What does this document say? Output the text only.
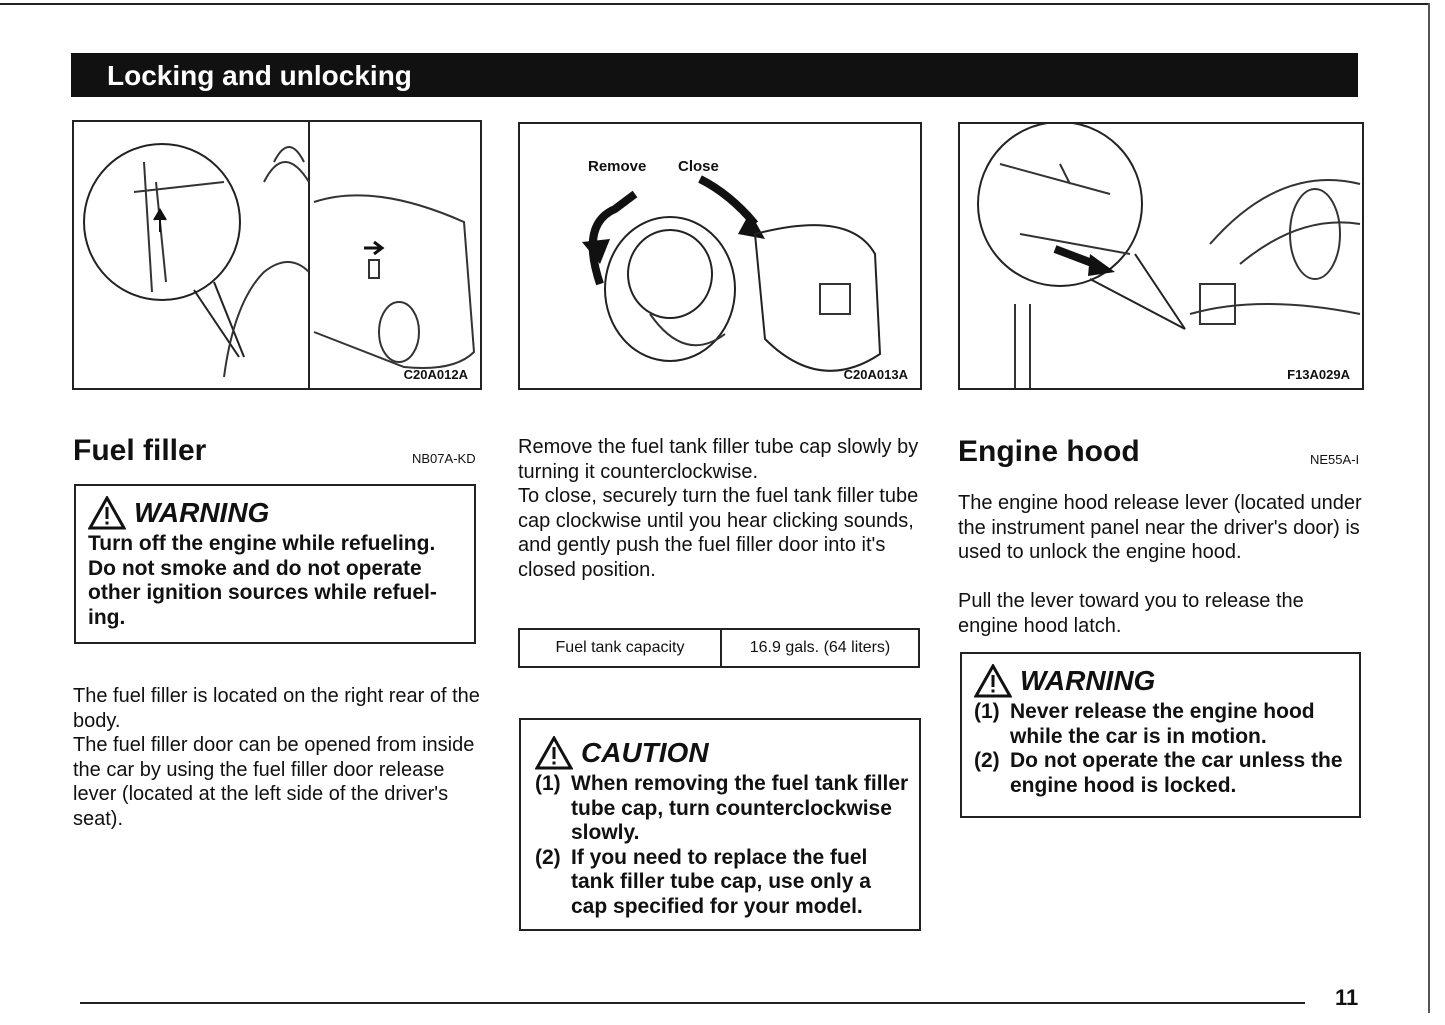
Locking and unlocking
C20A012A
Remove Close
C20A013A	F13A029A
Fuel filler	NB07A-KD
WARNING
Turn off the engine while refueling. Do not smoke and do not operate other ignition sources while refueling.
The fuel filler is located on the right rear of the body.
The fuel filler door can be opened from inside the car by using the fuel filler door release lever (located at the left side of the driver's seat).
Remove the fuel tank filler tube cap slowly by turning it counterclockwise.
To close, securely turn the fuel tank filler tube cap clockwise until you hear clicking sounds, and gently push the fuel filler door into it's closed position.
Fuel tank capacity	16.9 gals. (64 liters)
CAUTION
(1) When removing the fuel tank filler tube cap, turn counterclockwise slowly.
(2) If you need to replace the fuel tank filler tube cap, use only a cap specified for your model.
Engine hood	NE55A-I
The engine hood release lever (located under the instrument panel near the driver's door) is used to unlock the engine hood.
Pull the lever toward you to release the engine hood latch.
WARNING
(1) Never release the engine hood while the car is in motion.
(2) Do not operate the car unless the engine hood is locked.
11
